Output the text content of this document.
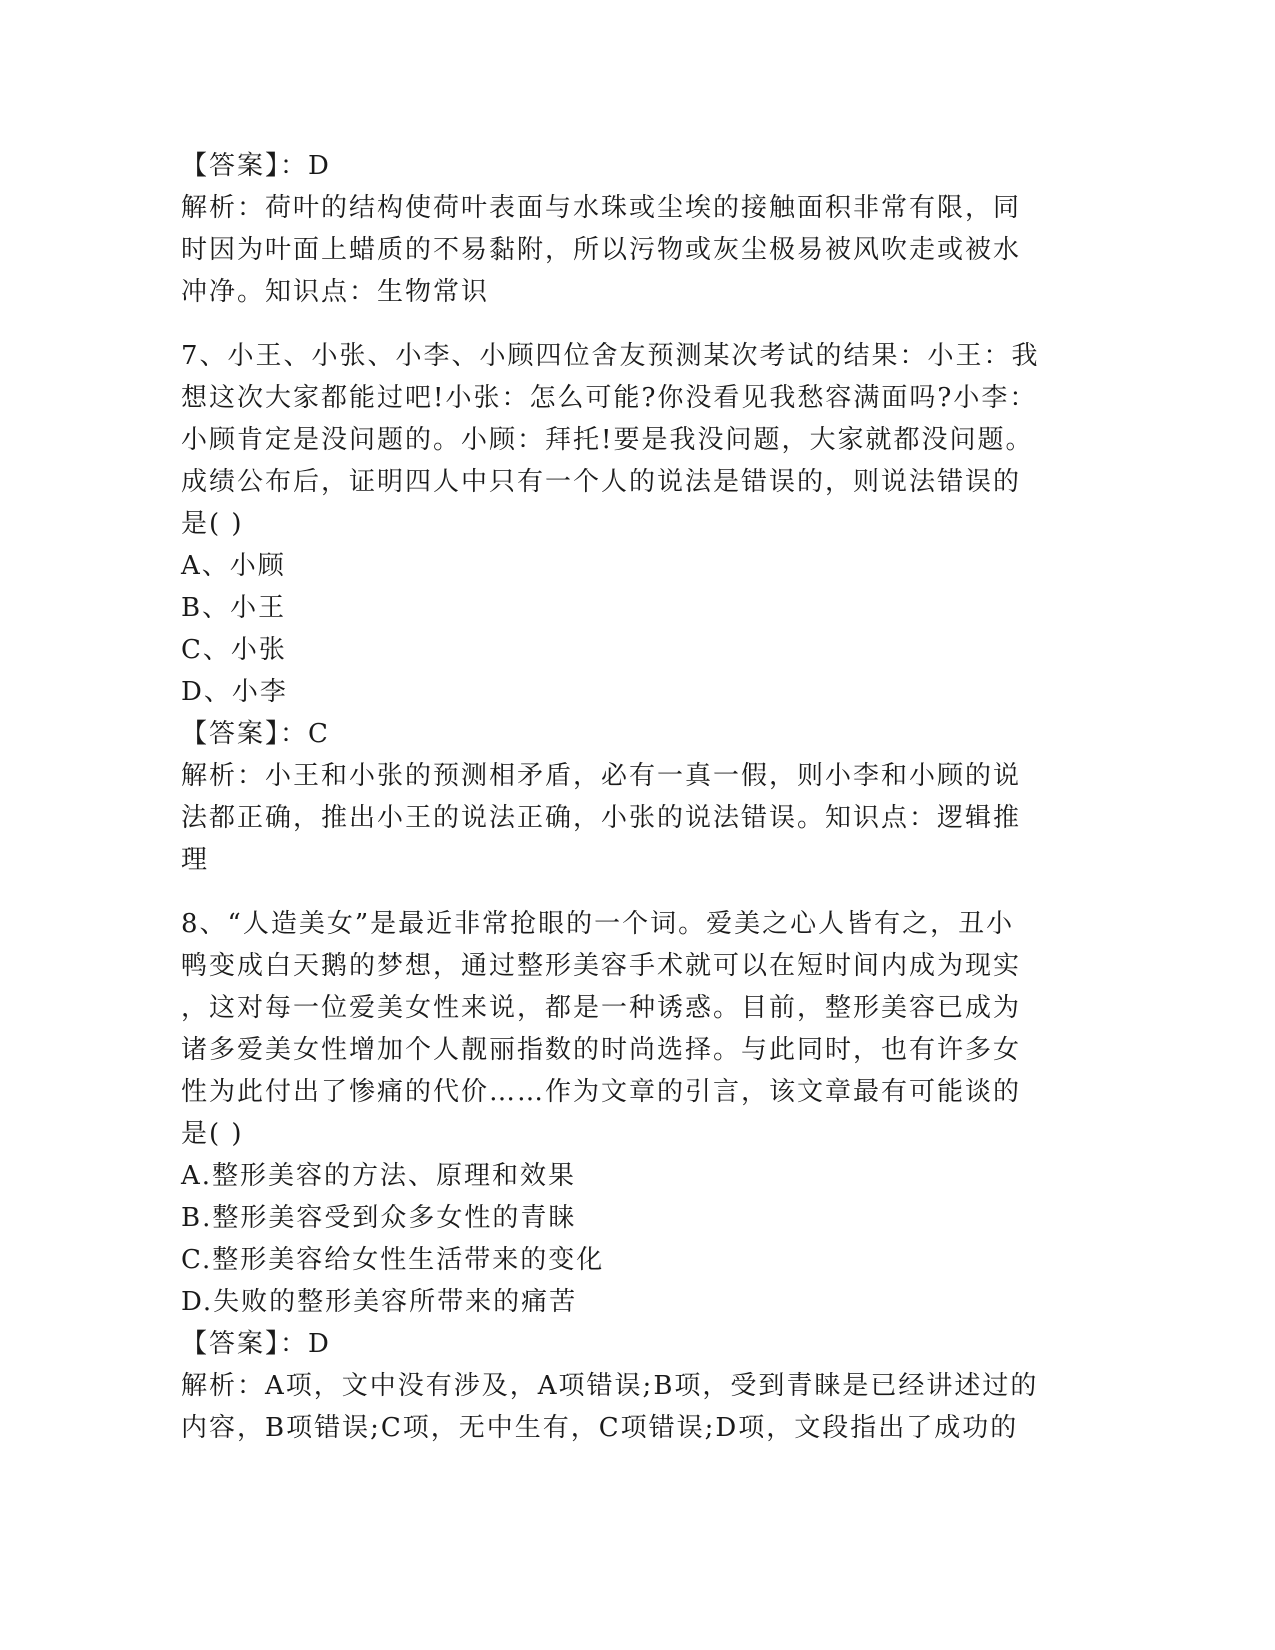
【答案】：D
解析：荷叶的结构使荷叶表面与水珠或尘埃的接触面积非常有限，同
时因为叶面上蜡质的不易黏附，所以污物或灰尘极易被风吹走或被水
冲净。知识点：生物常识
7、小王、小张、小李、小顾四位舍友预测某次考试的结果：小王：我
想这次大家都能过吧!小张：怎么可能?你没看见我愁容满面吗?小李：
小顾肯定是没问题的。小顾：拜托!要是我没问题，大家就都没问题。
成绩公布后，证明四人中只有一个人的说法是错误的，则说法错误的
是( )
A、小顾
B、小王
C、小张
D、小李
【答案】：C
解析：小王和小张的预测相矛盾，必有一真一假，则小李和小顾的说
法都正确，推出小王的说法正确，小张的说法错误。知识点：逻辑推
理
8、“人造美女”是最近非常抢眼的一个词。爱美之心人皆有之，丑小
鸭变成白天鹅的梦想，通过整形美容手术就可以在短时间内成为现实
，这对每一位爱美女性来说，都是一种诱惑。目前，整形美容已成为
诸多爱美女性增加个人靓丽指数的时尚选择。与此同时，也有许多女
性为此付出了惨痛的代价……作为文章的引言，该文章最有可能谈的
是( )
A.整形美容的方法、原理和效果
B.整形美容受到众多女性的青睐
C.整形美容给女性生活带来的变化
D.失败的整形美容所带来的痛苦
【答案】：D
解析：A项，文中没有涉及，A项错误;B项，受到青睐是已经讲述过的
内容，B项错误;C项，无中生有，C项错误;D项，文段指出了成功的
